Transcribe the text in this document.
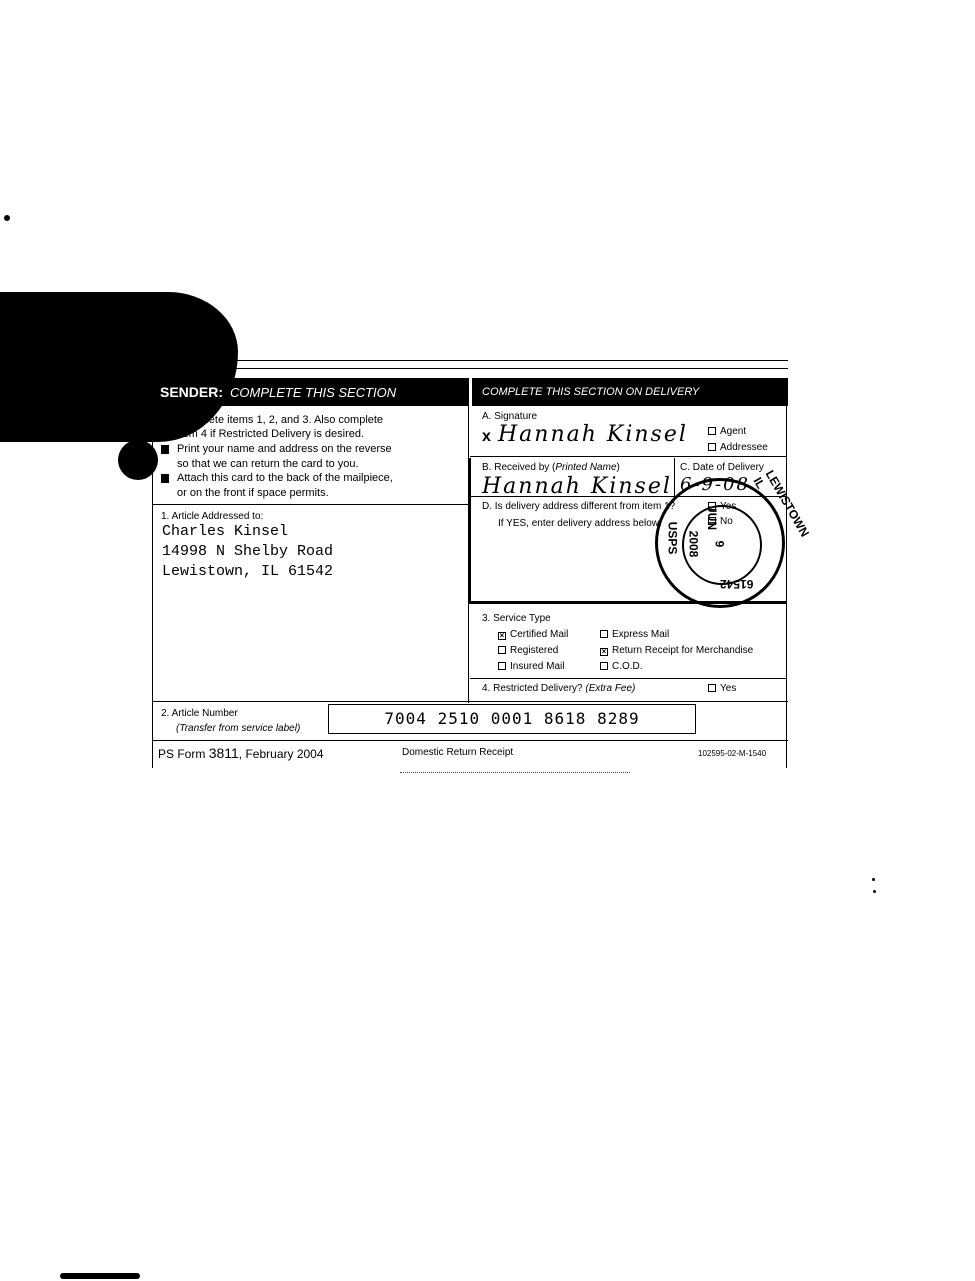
SENDER: COMPLETE THIS SECTION	COMPLETE THIS SECTION ON DELIVERY
Complete items 1, 2, and 3. Also complete
item 4 if Restricted Delivery is desired.
Print your name and address on the reverse
so that we can return the card to you.
Attach this card to the back of the mailpiece,
or on the front if space permits.
1. Article Addressed to:
Charles Kinsel
14998 N Shelby Road
Lewistown, IL 61542
A. Signature
x Hannah Kinsel	Agent
Addressee
B. Received by (Printed Name)
Hannah Kinsel
C. Date of Delivery
6-9-08
D. Is delivery address different from item 1?	Yes
If YES, enter delivery address below:	No	LEWISTOWN IL
61542
USPS
JUN
9
2008
3. Service Type
× Certified Mail	Express Mail
Registered	× Return Receipt for Merchandise
Insured Mail	C.O.D.
4. Restricted Delivery? (Extra Fee)	Yes
2. Article Number
(Transfer from service label)
7004 2510 0001 8618 8289
PS Form 3811, February 2004	Domestic Return Receipt	102595-02-M-1540
